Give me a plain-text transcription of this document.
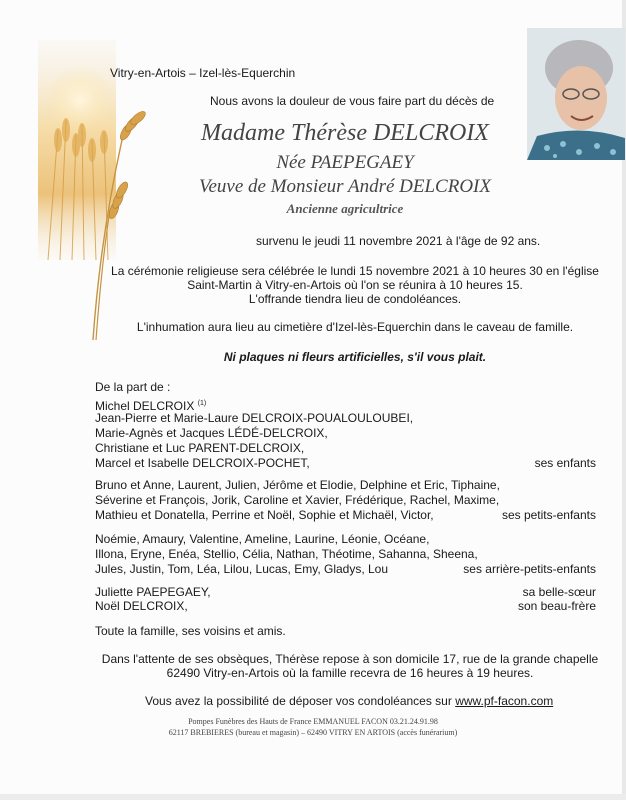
Vitry-en-Artois – Izel-lès-Equerchin
Nous avons la douleur de vous faire part du décès de
Madame Thérèse DELCROIX
Née PAEPEGAEY
Veuve de Monsieur André DELCROIX
Ancienne agricultrice
survenu le jeudi 11 novembre 2021 à l'âge de 92 ans.
La cérémonie religieuse sera célébrée le lundi 15 novembre 2021 à 10 heures 30 en l'église
Saint-Martin à Vitry-en-Artois où l'on se réunira à 10 heures 15.
L'offrande tiendra lieu de condoléances.
L'inhumation aura lieu au cimetière d'Izel-lès-Equerchin dans le caveau de famille.
Ni plaques ni fleurs artificielles, s'il vous plait.
De la part de :
Michel DELCROIX $^{(1)}$
Jean-Pierre et Marie-Laure DELCROIX-POUALOULOUBEI,
Marie-Agnès et Jacques LÉDÉ-DELCROIX,
Christiane et Luc PARENT-DELCROIX,
Marcel et Isabelle DELCROIX-POCHET,	ses enfants
Bruno et Anne, Laurent, Julien, Jérôme et Elodie, Delphine et Eric, Tiphaine,
Séverine et François, Jorik, Caroline et Xavier, Frédérique, Rachel, Maxime,
Mathieu et Donatella, Perrine et Noël, Sophie et Michaël, Victor,	ses petits-enfants
Noémie, Amaury, Valentine, Ameline, Laurine, Léonie, Océane,
Illona, Eryne, Enéa, Stellio, Célia, Nathan, Théotime, Sahanna, Sheena,
Jules, Justin, Tom, Léa, Lilou, Lucas, Emy, Gladys, Lou	ses arrière-petits-enfants
Juliette PAEPEGAEY,	sa belle-sœur
Noël DELCROIX,	son beau-frère
Toute la famille, ses voisins et amis.
Dans l'attente de ses obsèques, Thérèse repose à son domicile 17, rue de la grande chapelle
62490 Vitry-en-Artois où la famille recevra de 16 heures à 19 heures.
Vous avez la possibilité de déposer vos condoléances sur www.pf-facon.com
Pompes Funèbres des Hauts de France EMMANUEL FACON 03.21.24.91.98
62117 BREBIERES (bureau et magasin) – 62490 VITRY EN ARTOIS (accès funérarium)
